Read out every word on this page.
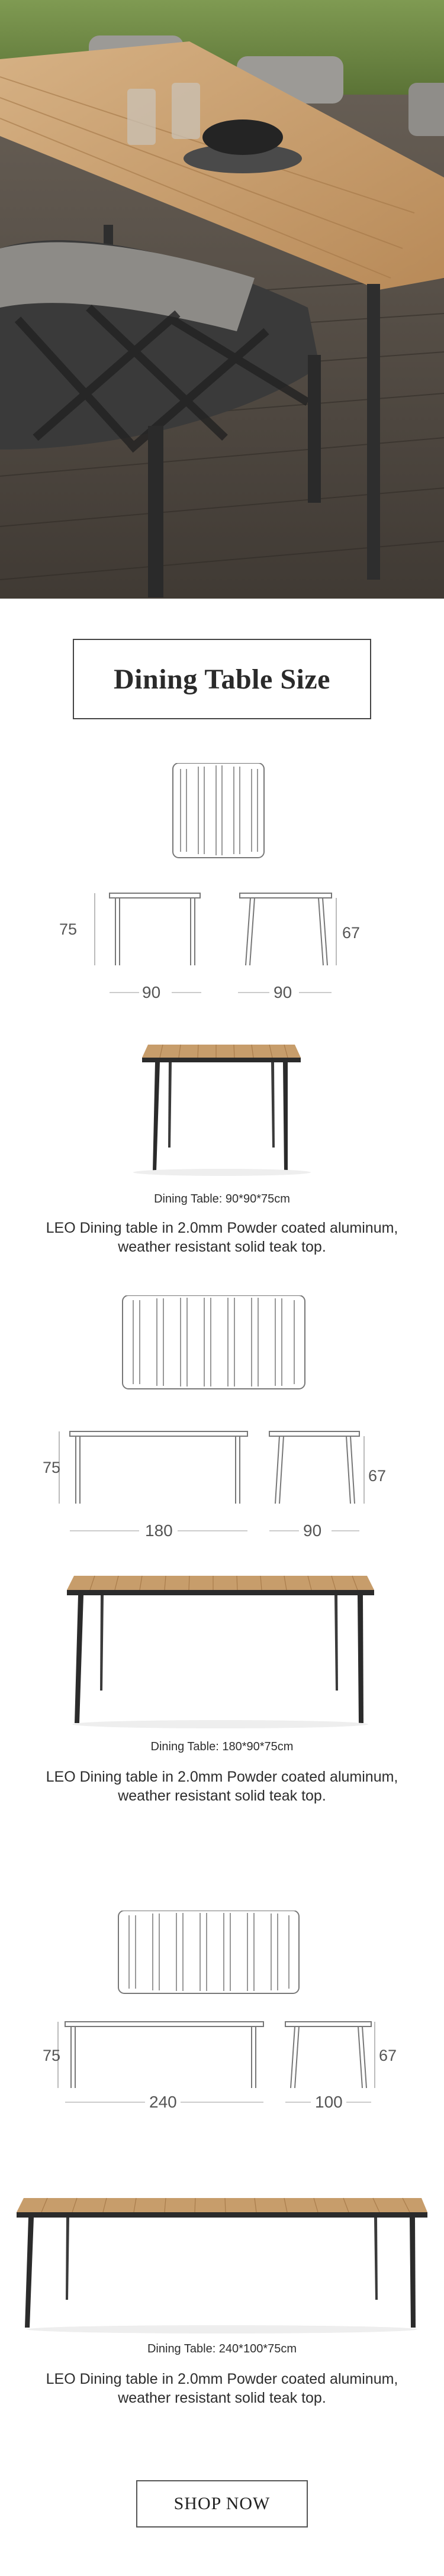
Dining Table Size
75	67
90	90
Dining Table: 90*90*75cm
LEO Dining table in 2.0mm Powder coated aluminum, weather resistant solid teak top.
75	67
180	90
Dining Table: 180*90*75cm
LEO Dining table in 2.0mm Powder coated aluminum, weather resistant solid teak top.
75	67
240	100
Dining Table: 240*100*75cm
LEO Dining table in 2.0mm Powder coated aluminum, weather resistant solid teak top.
SHOP NOW
